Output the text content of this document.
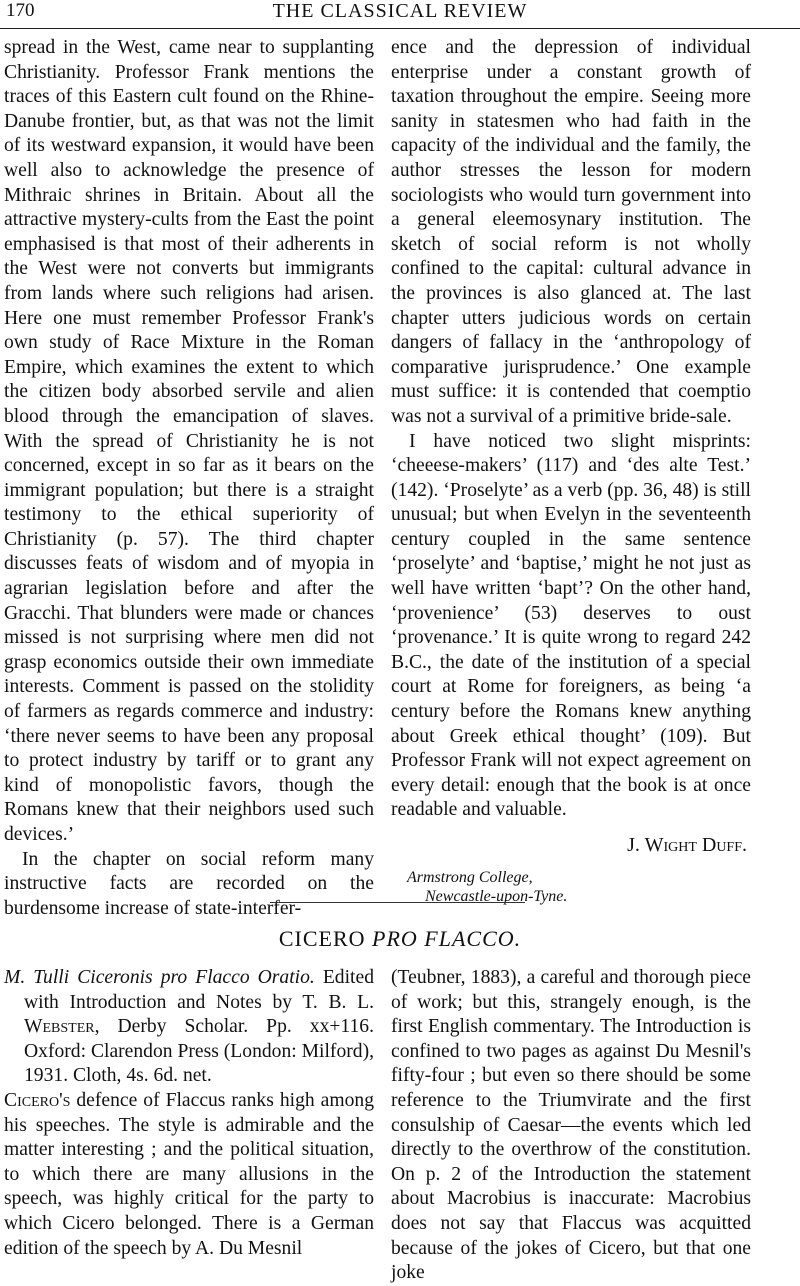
170	THE CLASSICAL REVIEW

spread in the West, came near to supplanting Christianity. Professor Frank mentions the traces of this Eastern cult found on the Rhine-Danube frontier, but, as that was not the limit of its westward expansion, it would have been well also to acknowledge the presence of Mithraic shrines in Britain. About all the attractive mystery-cults from the East the point emphasised is that most of their adherents in the West were not converts but immigrants from lands where such religions had arisen. Here one must remember Professor Frank's own study of Race Mixture in the Roman Empire, which examines the extent to which the citizen body absorbed servile and alien blood through the emancipation of slaves. With the spread of Christianity he is not concerned, except in so far as it bears on the immigrant population; but there is a straight testimony to the ethical superiority of Christianity (p. 57). The third chapter discusses feats of wisdom and of myopia in agrarian legislation before and after the Gracchi. That blunders were made or chances missed is not surprising where men did not grasp economics outside their own immediate interests. Comment is passed on the stolidity of farmers as regards commerce and industry: ‘there never seems to have been any proposal to protect industry by tariff or to grant any kind of monopolistic favors, though the Romans knew that their neighbors used such devices.’

In the chapter on social reform many instructive facts are recorded on the burdensome increase of state-interfer-

ence and the depression of individual enterprise under a constant growth of taxation throughout the empire. Seeing more sanity in statesmen who had faith in the capacity of the individual and the family, the author stresses the lesson for modern sociologists who would turn government into a general eleemosynary institution. The sketch of social reform is not wholly confined to the capital: cultural advance in the provinces is also glanced at. The last chapter utters judicious words on certain dangers of fallacy in the ‘anthropology of comparative jurisprudence.’ One example must suffice: it is contended that coemptio was not a survival of a primitive bride-sale.

I have noticed two slight misprints: ‘cheeese-makers’ (117) and ‘des alte Test.’ (142). ‘Proselyte’ as a verb (pp. 36, 48) is still unusual; but when Evelyn in the seventeenth century coupled in the same sentence ‘proselyte’ and ‘baptise,’ might he not just as well have written ‘bapt’? On the other hand, ‘provenience’ (53) deserves to oust ‘provenance.’ It is quite wrong to regard 242 B.C., the date of the institution of a special court at Rome for foreigners, as being ‘a century before the Romans knew anything about Greek ethical thought’ (109). But Professor Frank will not expect agreement on every detail: enough that the book is at once readable and valuable.

J. Wight Duff.
Armstrong College,
Newcastle-upon-Tyne.
CICERO PRO FLACCO.

M. Tulli Ciceronis pro Flacco Oratio. Edited with Introduction and Notes by T. B. L. Webster, Derby Scholar. Pp. xx+116. Oxford: Clarendon Press (London: Milford), 1931. Cloth, 4s. 6d. net.

Cicero's defence of Flaccus ranks high among his speeches. The style is admirable and the matter interesting ; and the political situation, to which there are many allusions in the speech, was highly critical for the party to which Cicero belonged. There is a German edition of the speech by A. Du Mesnil

(Teubner, 1883), a careful and thorough piece of work; but this, strangely enough, is the first English commentary. The Introduction is confined to two pages as against Du Mesnil's fifty-four ; but even so there should be some reference to the Triumvirate and the first consulship of Caesar—the events which led directly to the overthrow of the constitution. On p. 2 of the Introduction the statement about Macrobius is inaccurate: Macrobius does not say that Flaccus was acquitted because of the jokes of Cicero, but that one joke
